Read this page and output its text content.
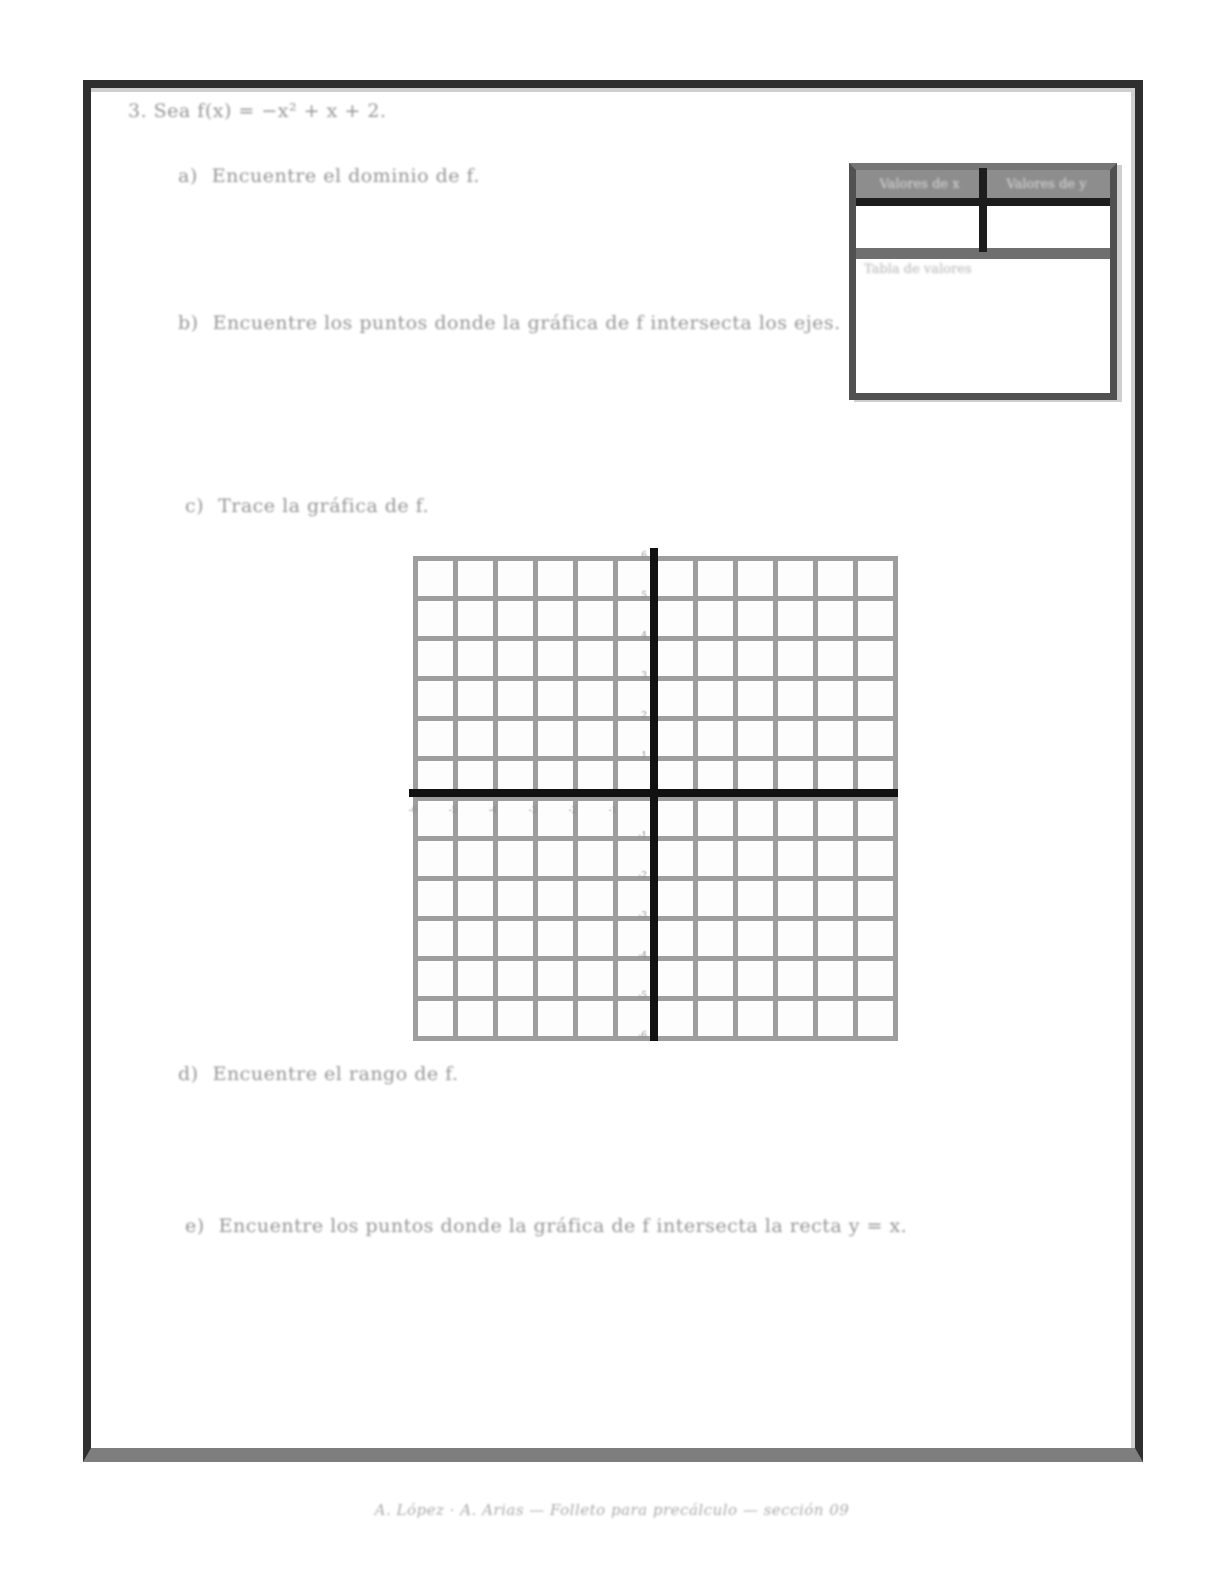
3. Sea f(x) = −x² + x + 2.
a) Encuentre el dominio de f.
b) Encuentre los puntos donde la gráfica de f intersecta los ejes.
c) Trace la gráfica de f.
d) Encuentre el rango de f.
e) Encuentre los puntos donde la gráfica de f intersecta la recta y = x.
Valores de x	Valores de y
Tabla de valores
-1
-2
-3
-4
-5
-6
1
2
3
4
5
6
-1
-2
-3
-4
-5
-6
A. López · A. Arias — Folleto para precálculo — sección 09
